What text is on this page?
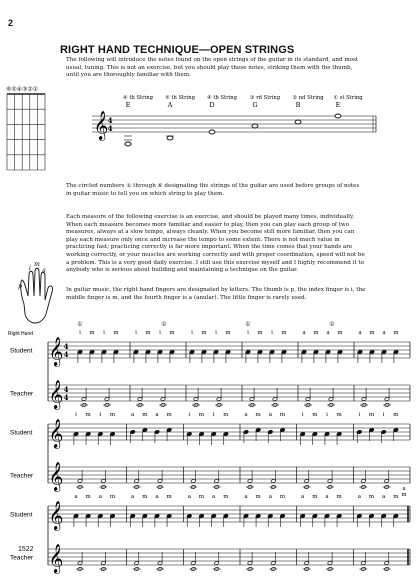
2
RIGHT HAND TECHNIQUE—OPEN STRINGS
The following will introduce the notes found on the open strings of the guitar in its standard, and most usual, tuning. This is not an exercise, but you should play these notes, striking them with the thumb, until you are thoroughly familiar with them.
⑥⑤④③②①
The circled numbers ① through ⑥ designating the strings of the guitar are used before groups of notes in guitar music to tell you on which string to play them.
Each measure of the following exercise is an exercise, and should be played many times, individually. When each measure becomes more familiar and easier to play, then you can play each group of two measures, always at a slow tempo, always cleanly. When you become still more familiar, then you can play each measure only once and increase the tempo to some extent. There is not much value in practicing fast; practicing correctly is far more important. When the time comes that your hands are working correctly, or your muscles are working correctly and with proper coordination, speed will not be a problem. This is a very good daily exercise. I still use this exercise myself and I highly recommend it to anybody who is serious about building and maintaining a technique on the guitar.
In guitar music, the right hand fingers are designated by letters. The thumb is p, the index finger is i, the middle finger is m, and the fourth finger is a (anular). The little finger is rarely used.
1522
𝄞 4
4
⑥ th String
E
⑤ th String
A
④ th String
D
③ rd String
G
② nd String
B
① st String
E
p
i
m
a
Right Hand
Student
Teacher
𝄞
𝄞
4
4
4
4
i m i m	i m i m	i m i m	i m i m	a m a m	a m a m
①	①	①	①
Student
Teacher
𝄞
𝄞
i m i m	a m a m	i m i m	a m a m	i m i m	i m i m
Student
Teacher
𝄞
𝄞
a m a m	a m a m	a m a m	a m a m	a m a m	a m a m
a
m
